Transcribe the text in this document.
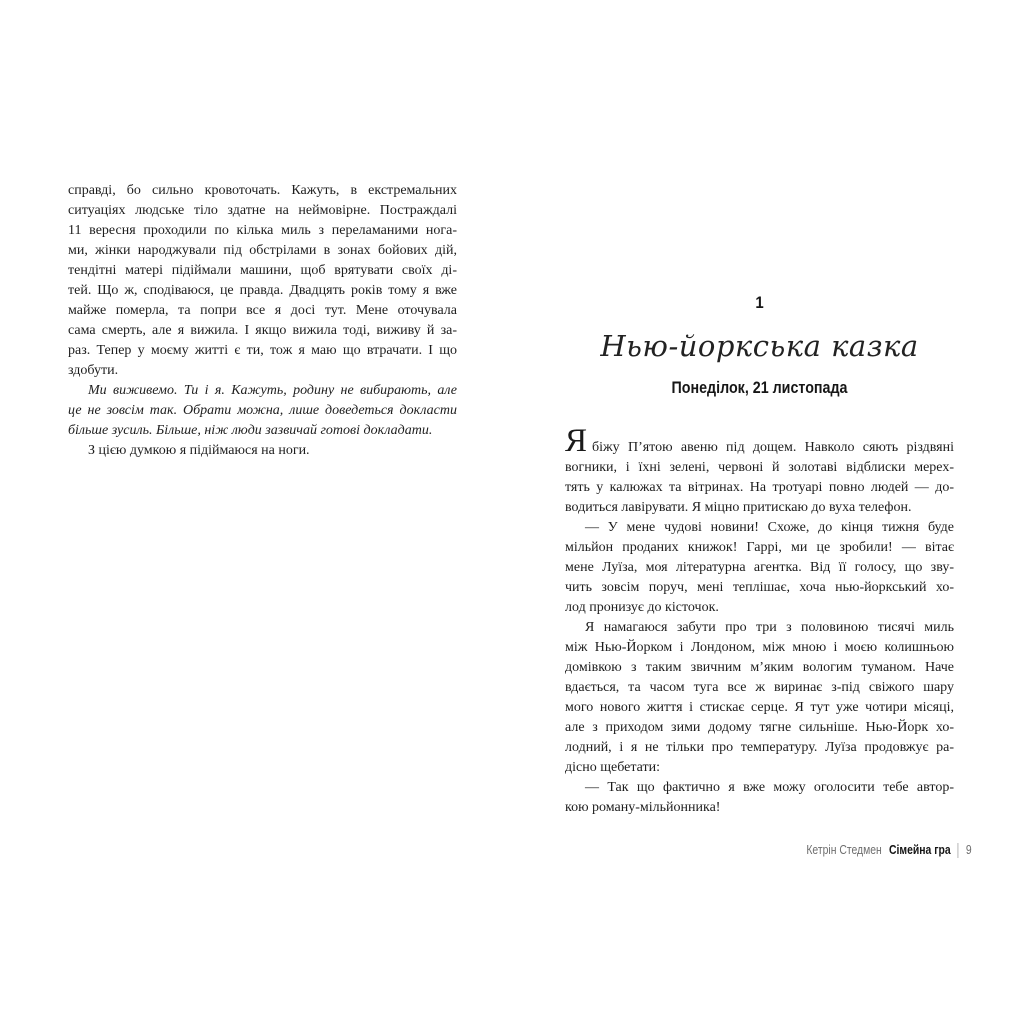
справді, бо сильно кровоточать. Кажуть, в екстремальних
ситуаціях людське тіло здатне на неймовірне. Постраждалі
11 вересня проходили по кілька миль з переламаними нога-
ми, жінки народжували під обстрілами в зонах бойових дій,
тендітні матері підіймали машини, щоб врятувати своїх ді-
тей. Що ж, сподіваюся, це правда. Двадцять років тому я вже
майже померла, та попри все я досі тут. Мене оточувала
сама смерть, але я вижила. І якщо вижила тоді, виживу й за-
раз. Тепер у моєму житті є ти, тож я маю що втрачати. І що
здобути.
Ми виживемо. Ти і я. Кажуть, родину не вибирають, але
це не зовсім так. Обрати можна, лише доведеться докласти
більше зусиль. Більше, ніж люди зазвичай готові докладати.
З цією думкою я підіймаюся на ноги.
1
Нью-йоркська казка
Понеділок, 21 листопада
Я біжу П’ятою авеню під дощем. Навколо сяють різдвяні
вогники, і їхні зелені, червоні й золотаві відблиски мерех-
тять у калюжах та вітринах. На тротуарі повно людей — до-
водиться лавірувати. Я міцно притискаю до вуха телефон.
— У мене чудові новини! Схоже, до кінця тижня буде
мільйон проданих книжок! Гаррі, ми це зробили! — вітає
мене Луїза, моя літературна агентка. Від її голосу, що зву-
чить зовсім поруч, мені теплішає, хоча нью-йоркський хо-
лод пронизує до кісточок.
Я намагаюся забути про три з половиною тисячі миль
між Нью-Йорком і Лондоном, між мною і моєю колишньою
домівкою з таким звичним м’яким вологим туманом. Наче
вдається, та часом туга все ж виринає з-під свіжого шару
мого нового життя і стискає серце. Я тут уже чотири місяці,
але з приходом зими додому тягне сильніше. Нью-Йорк хо-
лодний, і я не тільки про температуру. Луїза продовжує ра-
дісно щебетати:
— Так що фактично я вже можу оголосити тебе автор-
кою роману-мільйонника!
Кетрін Стедмен Сімейна гра 9
